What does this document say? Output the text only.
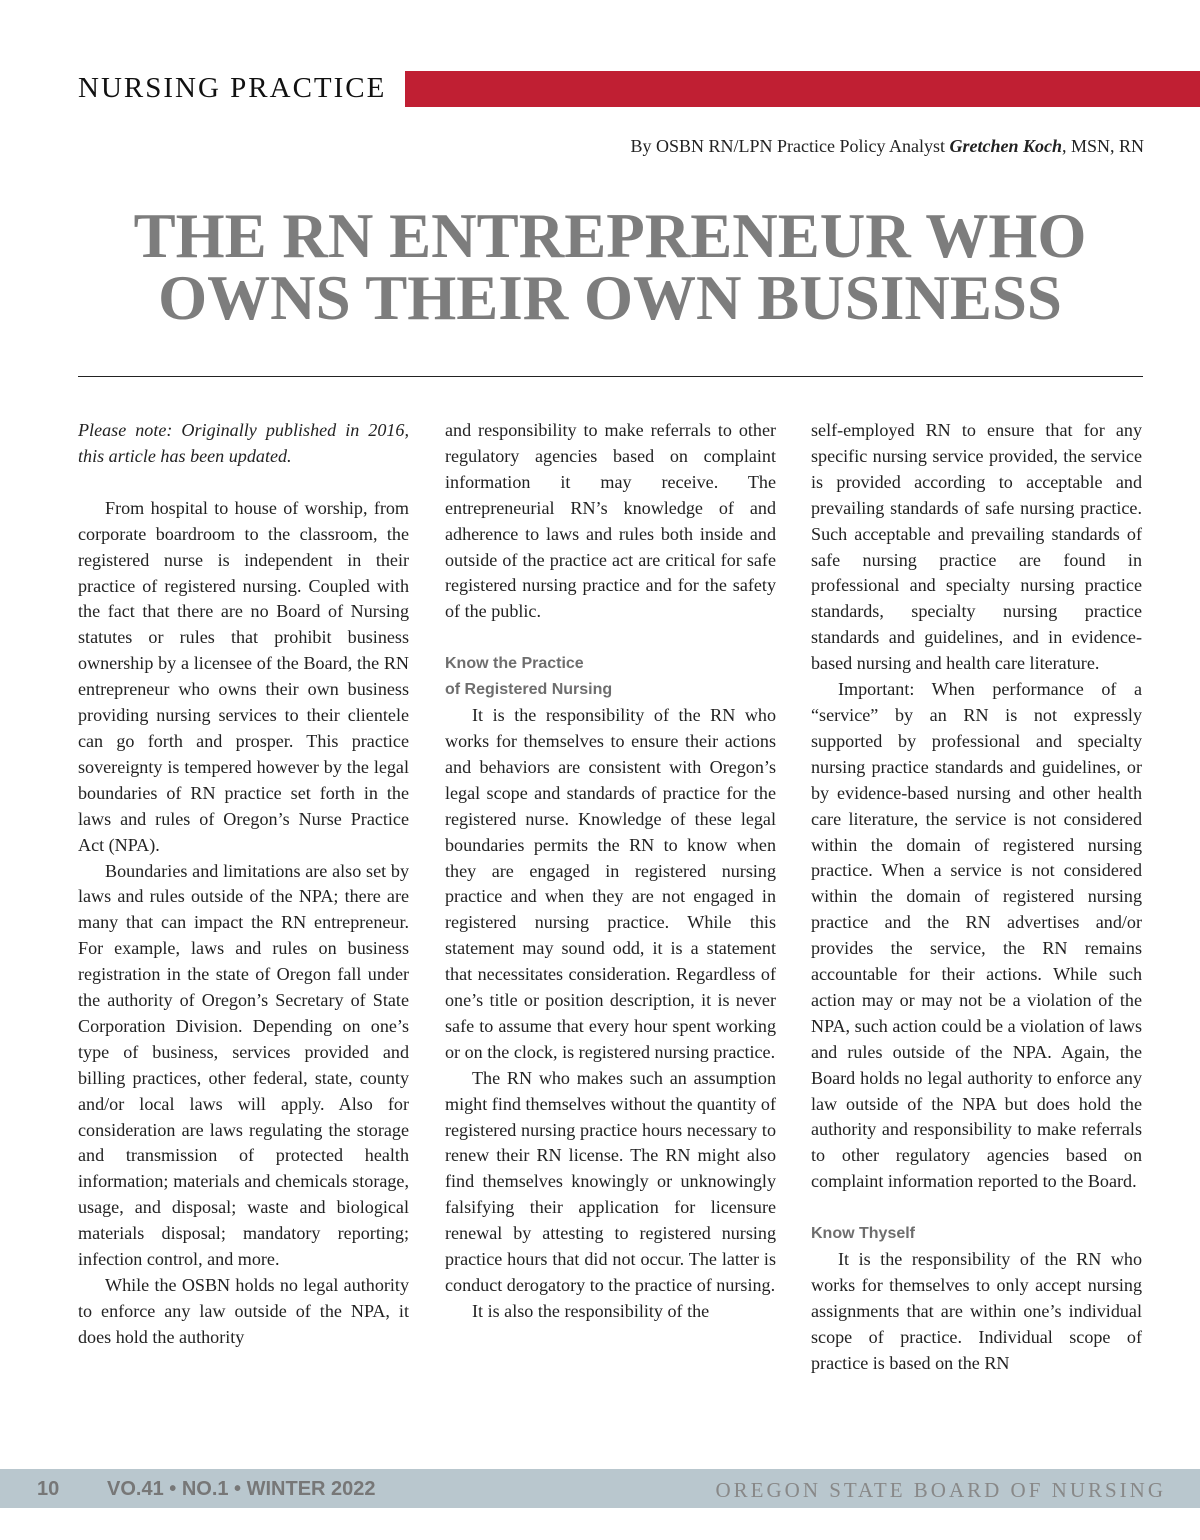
NURSING PRACTICE
By OSBN RN/LPN Practice Policy Analyst Gretchen Koch, MSN, RN
THE RN ENTREPRENEUR WHO
OWNS THEIR OWN BUSINESS

Please note: Originally published in 2016, this article has been updated.

From hospital to house of worship, from corporate boardroom to the classroom, the registered nurse is independent in their practice of registered nursing. Coupled with the fact that there are no Board of Nursing statutes or rules that prohibit business ownership by a licensee of the Board, the RN entrepreneur who owns their own business providing nursing services to their clientele can go forth and prosper. This practice sovereignty is tempered however by the legal boundaries of RN practice set forth in the laws and rules of Oregon’s Nurse Practice Act (NPA).

Boundaries and limitations are also set by laws and rules outside of the NPA; there are many that can impact the RN entrepreneur. For example, laws and rules on business registration in the state of Oregon fall under the authority of Oregon’s Secretary of State Corporation Division. Depending on one’s type of business, services provided and billing practices, other federal, state, county and/or local laws will apply. Also for consideration are laws regulating the storage and transmission of protected health information; materials and chemicals storage, usage, and disposal; waste and biological materials disposal; mandatory reporting; infection control, and more.

While the OSBN holds no legal authority to enforce any law outside of the NPA, it does hold the authority

and responsibility to make referrals to other regulatory agencies based on complaint information it may receive. The entrepreneurial RN’s knowledge of and adherence to laws and rules both inside and outside of the practice act are critical for safe registered nursing practice and for the safety of the public.

Know the Practice
of Registered Nursing

It is the responsibility of the RN who works for themselves to ensure their actions and behaviors are consistent with Oregon’s legal scope and standards of practice for the registered nurse. Knowledge of these legal boundaries permits the RN to know when they are engaged in registered nursing practice and when they are not engaged in registered nursing practice. While this statement may sound odd, it is a statement that necessitates consideration. Regardless of one’s title or position description, it is never safe to assume that every hour spent working or on the clock, is registered nursing practice.

The RN who makes such an assumption might find themselves without the quantity of registered nursing practice hours necessary to renew their RN license. The RN might also find themselves knowingly or unknowingly falsifying their application for licensure renewal by attesting to registered nursing practice hours that did not occur. The latter is conduct derogatory to the practice of nursing.

It is also the responsibility of the

self-employed RN to ensure that for any specific nursing service provided, the service is provided according to acceptable and prevailing standards of safe nursing practice. Such acceptable and prevailing standards of safe nursing practice are found in professional and specialty nursing practice standards, specialty nursing practice standards and guidelines, and in evidence-based nursing and health care literature.

Important: When performance of a “service” by an RN is not expressly supported by professional and specialty nursing practice standards and guidelines, or by evidence-based nursing and other health care literature, the service is not considered within the domain of registered nursing practice. When a service is not considered within the domain of registered nursing practice and the RN advertises and/or provides the service, the RN remains accountable for their actions. While such action may or may not be a violation of the NPA, such action could be a violation of laws and rules outside of the NPA. Again, the Board holds no legal authority to enforce any law outside of the NPA but does hold the authority and responsibility to make referrals to other regulatory agencies based on complaint information reported to the Board.

Know Thyself

It is the responsibility of the RN who works for themselves to only accept nursing assignments that are within one’s individual scope of practice. Individual scope of practice is based on the RN

10 VO.41 • NO.1 • WINTER 2022	OREGON STATE BOARD OF NURSING
